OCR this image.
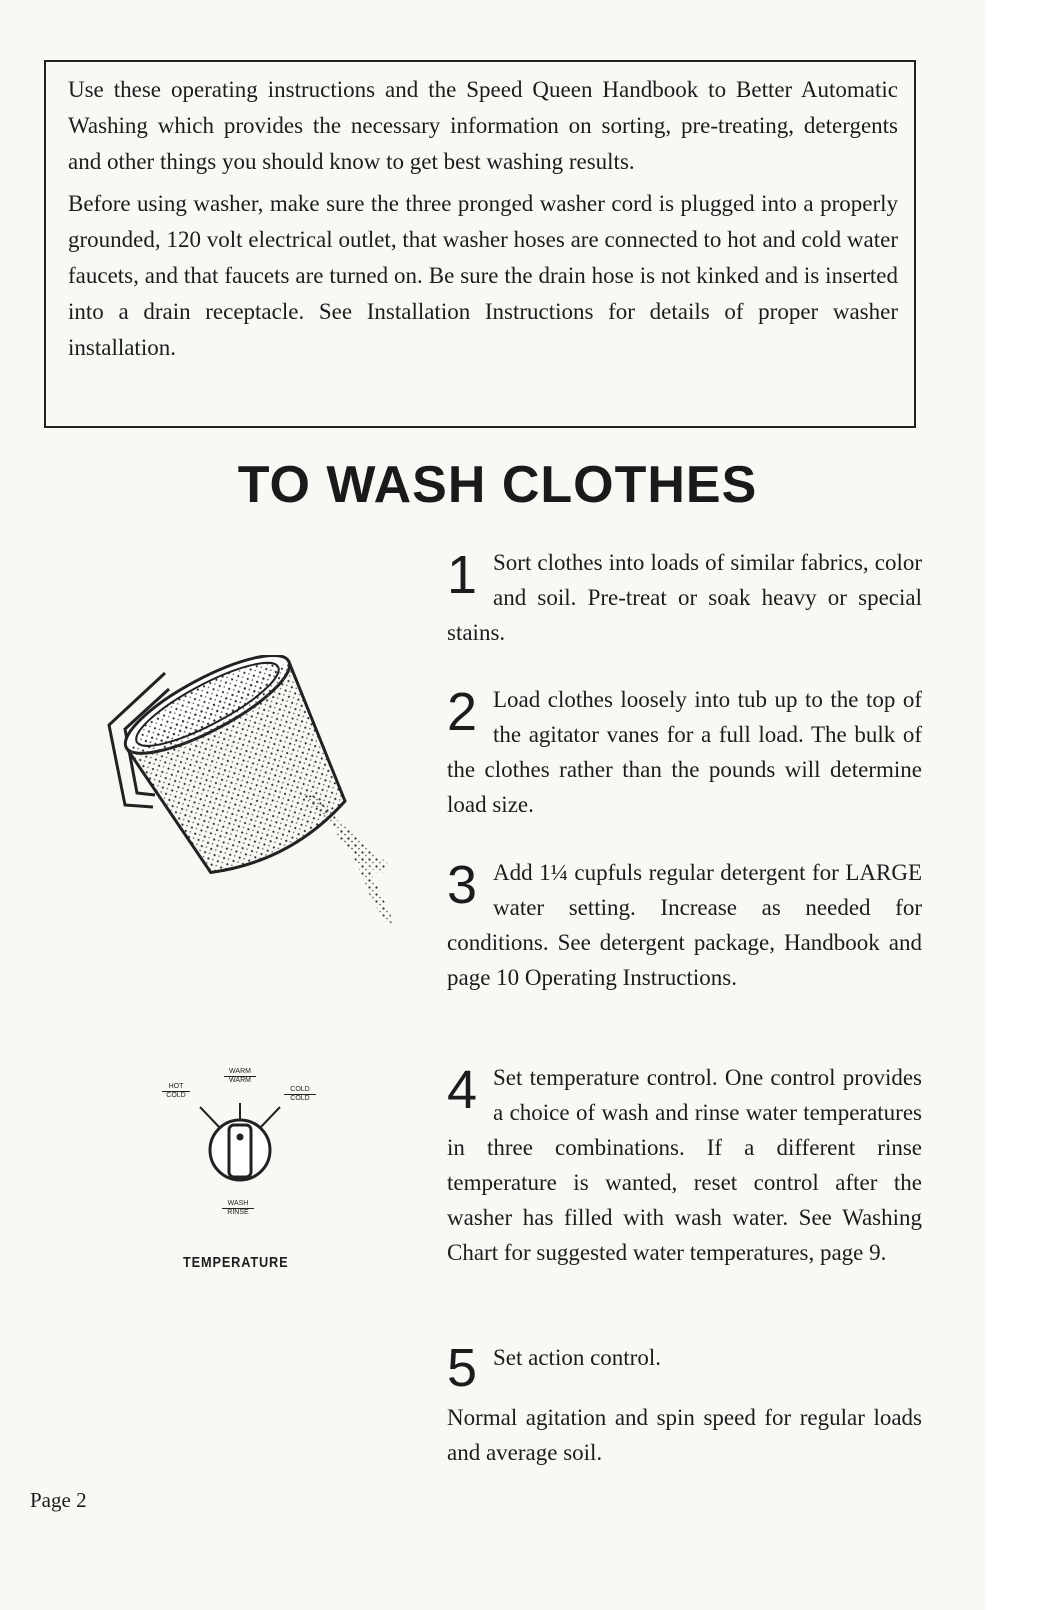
Use these operating instructions and the Speed Queen Handbook to Better Automatic Washing which provides the necessary information on sorting, pre-treating, detergents and other things you should know to get best washing results.

Before using washer, make sure the three pronged washer cord is plugged into a properly grounded, 120 volt electrical outlet, that washer hoses are connected to hot and cold water faucets, and that faucets are turned on. Be sure the drain hose is not kinked and is inserted into a drain receptacle. See Installation Instructions for details of proper washer installation.

TO WASH CLOTHES
HOT
COLD
WARM
WARM
COLD
COLD
WASH
RINSE
TEMPERATURE
1 Sort clothes into loads of similar fabrics, color and soil. Pre-treat or soak heavy or special stains.

2 Load clothes loosely into tub up to the top of the agitator vanes for a full load. The bulk of the clothes rather than the pounds will determine load size.

3 Add 1¼ cupfuls regular detergent for LARGE water setting. Increase as needed for conditions. See detergent package, Handbook and page 10 Operating Instructions.

4 Set temperature control. One control provides a choice of wash and rinse water temperatures in three combinations. If a different rinse temperature is wanted, reset control after the washer has filled with wash water. See Washing Chart for suggested water temperatures, page 9.

5 Set action control.

Normal agitation and spin speed for regular loads and average soil.

Page 2
